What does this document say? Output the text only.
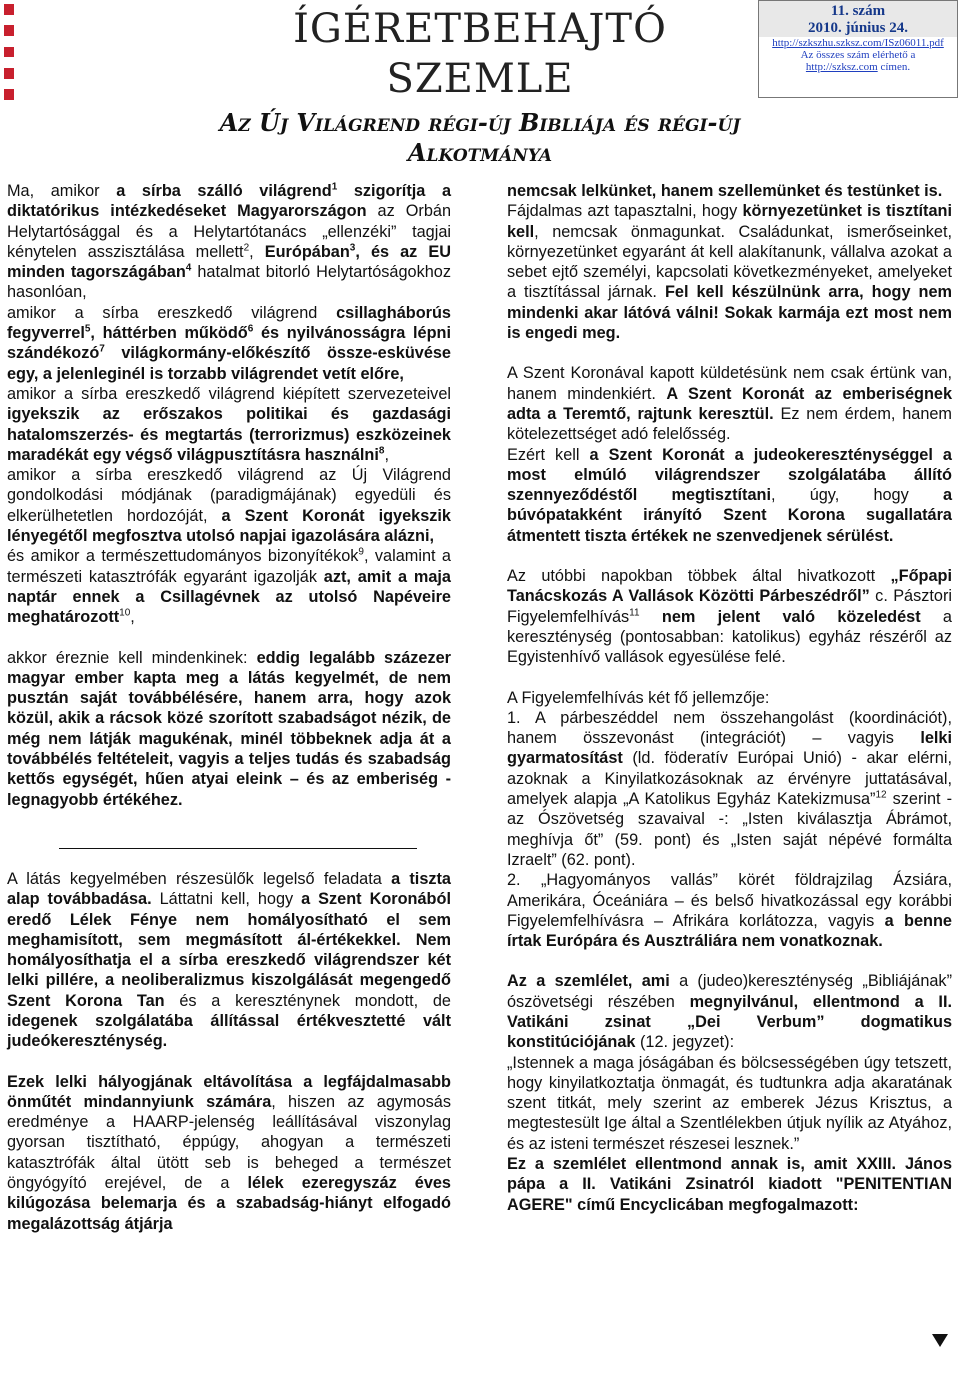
ÍGÉRETBEHAJTÓ
SZEMLE
11. szám
2010. június 24.
http://szkszhu.szksz.com/ISz06011.pdf
Az összes szám elérhető a
http://szksz.com címen.
Az Új Világrend régi-új Bibliája és régi-új
Alkotmánya

Ma, amikor a sírba szálló világrend$^1$ szigorítja a diktatórikus intézkedéseket Magyarországon az Orbán Helytartósággal és a Helytartótanács „ellenzéki” tagjai kénytelen asszisztálása mellett$^2$, Európában$^3$, és az EU minden tagországában$^4$ hatalmat bitorló Helytartóságokhoz hasonlóan,

amikor a sírba ereszkedő világrend csillagháborús fegyverrel$^5$, háttérben működő$^6$ és nyilvánosságra lépni szándékozó$^7$ világkormány-előkészítő össze-esküvése egy, a jelenleginél is torzabb világrendet vetít előre,

amikor a sírba ereszkedő világrend kiépített szervezeteivel igyekszik az erőszakos politikai és gazdasági hatalomszerzés- és megtartás (terrorizmus) eszközeinek maradékát egy végső világpusztításra használni$^8$,

amikor a sírba ereszkedő világrend az Új Világrend gondolkodási módjának (paradigmájának) egyedüli és elkerülhetetlen hordozóját, a Szent Koronát igyekszik lényegétől megfosztva utolsó napjai igazolására alázni,

és amikor a természettudományos bizonyítékok$^9$, valamint a természeti katasztrófák egyaránt igazolják azt, amit a maja naptár ennek a Csillagévnek az utolsó Napéveire meghatározott$^{10}$,

akkor éreznie kell mindenkinek: eddig legalább százezer magyar ember kapta meg a látás kegyelmét, de nem pusztán saját továbbélésére, hanem arra, hogy azok közül, akik a rácsok közé szorított szabadságot nézik, de még nem látják magukénak, minél többeknek adja át a továbbélés feltételeit, vagyis a teljes tudás és szabadság kettős egységét, hűen atyai eleink – és az emberiség - legnagyobb értékéhez.

A látás kegyelmében részesülők legelső feladata a tiszta alap továbbadása. Láttatni kell, hogy a Szent Koronából eredő Lélek Fénye nem homályosítható el sem meghamisított, sem megmásított ál-értékekkel. Nem homályosíthatja el a sírba ereszkedő világrendszer két lelki pillére, a neoliberalizmus kiszolgálását megengedő Szent Korona Tan és a kereszténynek mondott, de idegenek szolgálatába állítással értékvesztetté vált judeókereszténység.

Ezek lelki hályogjának eltávolítása a legfájdalmasabb önműtét mindannyiunk számára, hiszen az agymosás eredménye a HAARP-jelenség leállításával viszonylag gyorsan tisztítható, éppúgy, ahogyan a természeti katasztrófák által ütött seb is beheged a természet öngyógyító erejével, de a lélek ezeregyszáz éves kilúgozása belemarja és a szabadság-hiányt elfogadó megalázottság átjárja

nemcsak lelkünket, hanem szellemünket és testünket is.

Fájdalmas azt tapasztalni, hogy környezetünket is tisztítani kell, nemcsak önmagunkat. Családunkat, ismerőseinket, környezetünket egyaránt át kell alakítanunk, vállalva azokat a sebet ejtő személyi, kapcsolati következményeket, amelyeket a tisztítással járnak. Fel kell készülnünk arra, hogy nem mindenki akar látóvá válni! Sokak karmája ezt most nem is engedi meg.

A Szent Koronával kapott küldetésünk nem csak értünk van, hanem mindenkiért. A Szent Koronát az emberiségnek adta a Teremtő, rajtunk keresztül. Ez nem érdem, hanem kötelezettséget adó felelősség.

Ezért kell a Szent Koronát a judeokereszténységgel a most elmúló világrendszer szolgálatába állító szennyeződéstől megtisztítani, úgy, hogy a búvópatakként irányító Szent Korona sugallatára átmentett tiszta értékek ne szenvedjenek sérülést.

Az utóbbi napokban többek által hivatkozott „Főpapi Tanácskozás A Vallások Közötti Párbeszédről” c. Pásztori Figyelemfelhívás$^{11}$ nem jelent való közeledést a kereszténység (pontosabban: katolikus) egyház részéről az Egyistenhívő vallások egyesülése felé.

A Figyelemfelhívás két fő jellemzője:

1. A párbeszéddel nem összehangolást (koordinációt), hanem összevonást (integrációt) – vagyis lelki gyarmatosítást (ld. föderatív Európai Unió) - akar elérni, azoknak a Kinyilatkozásoknak az érvényre juttatásával, amelyek alapja „A Katolikus Egyház Katekizmusa”$^{12}$ szerint - az Ószövetség szavaival -: „Isten kiválasztja Ábrámot, meghívja őt” (59. pont) és „Isten saját népévé formálta Izraelt” (62. pont).

2. „Hagyományos vallás” körét földrajzilag Ázsiára, Amerikára, Óceániára – és belső hivatkozással egy korábbi Figyelemfelhívásra – Afrikára korlátozza, vagyis a benne írtak Európára és Ausztráliára nem vonatkoznak.

Az a szemlélet, ami a (judeo)kereszténység „Bibliájának” ószövetségi részében megnyilvánul, ellentmond a II. Vatikáni zsinat „Dei Verbum” dogmatikus konstitúciójának (12. jegyzet):

„Istennek a maga jóságában és bölcsességében úgy tetszett, hogy kinyilatkoztatja önmagát, és tudtunkra adja akaratának szent titkát, mely szerint az emberek Jézus Krisztus, a megtestesült Ige által a Szentlélekben útjuk nyílik az Atyához, és az isteni természet részesei lesznek.”

Ez a szemlélet ellentmond annak is, amit XXIII. János pápa a II. Vatikáni Zsinatról kiadott "PENITENTIAN AGERE" című Encyclicában megfogalmazott:
